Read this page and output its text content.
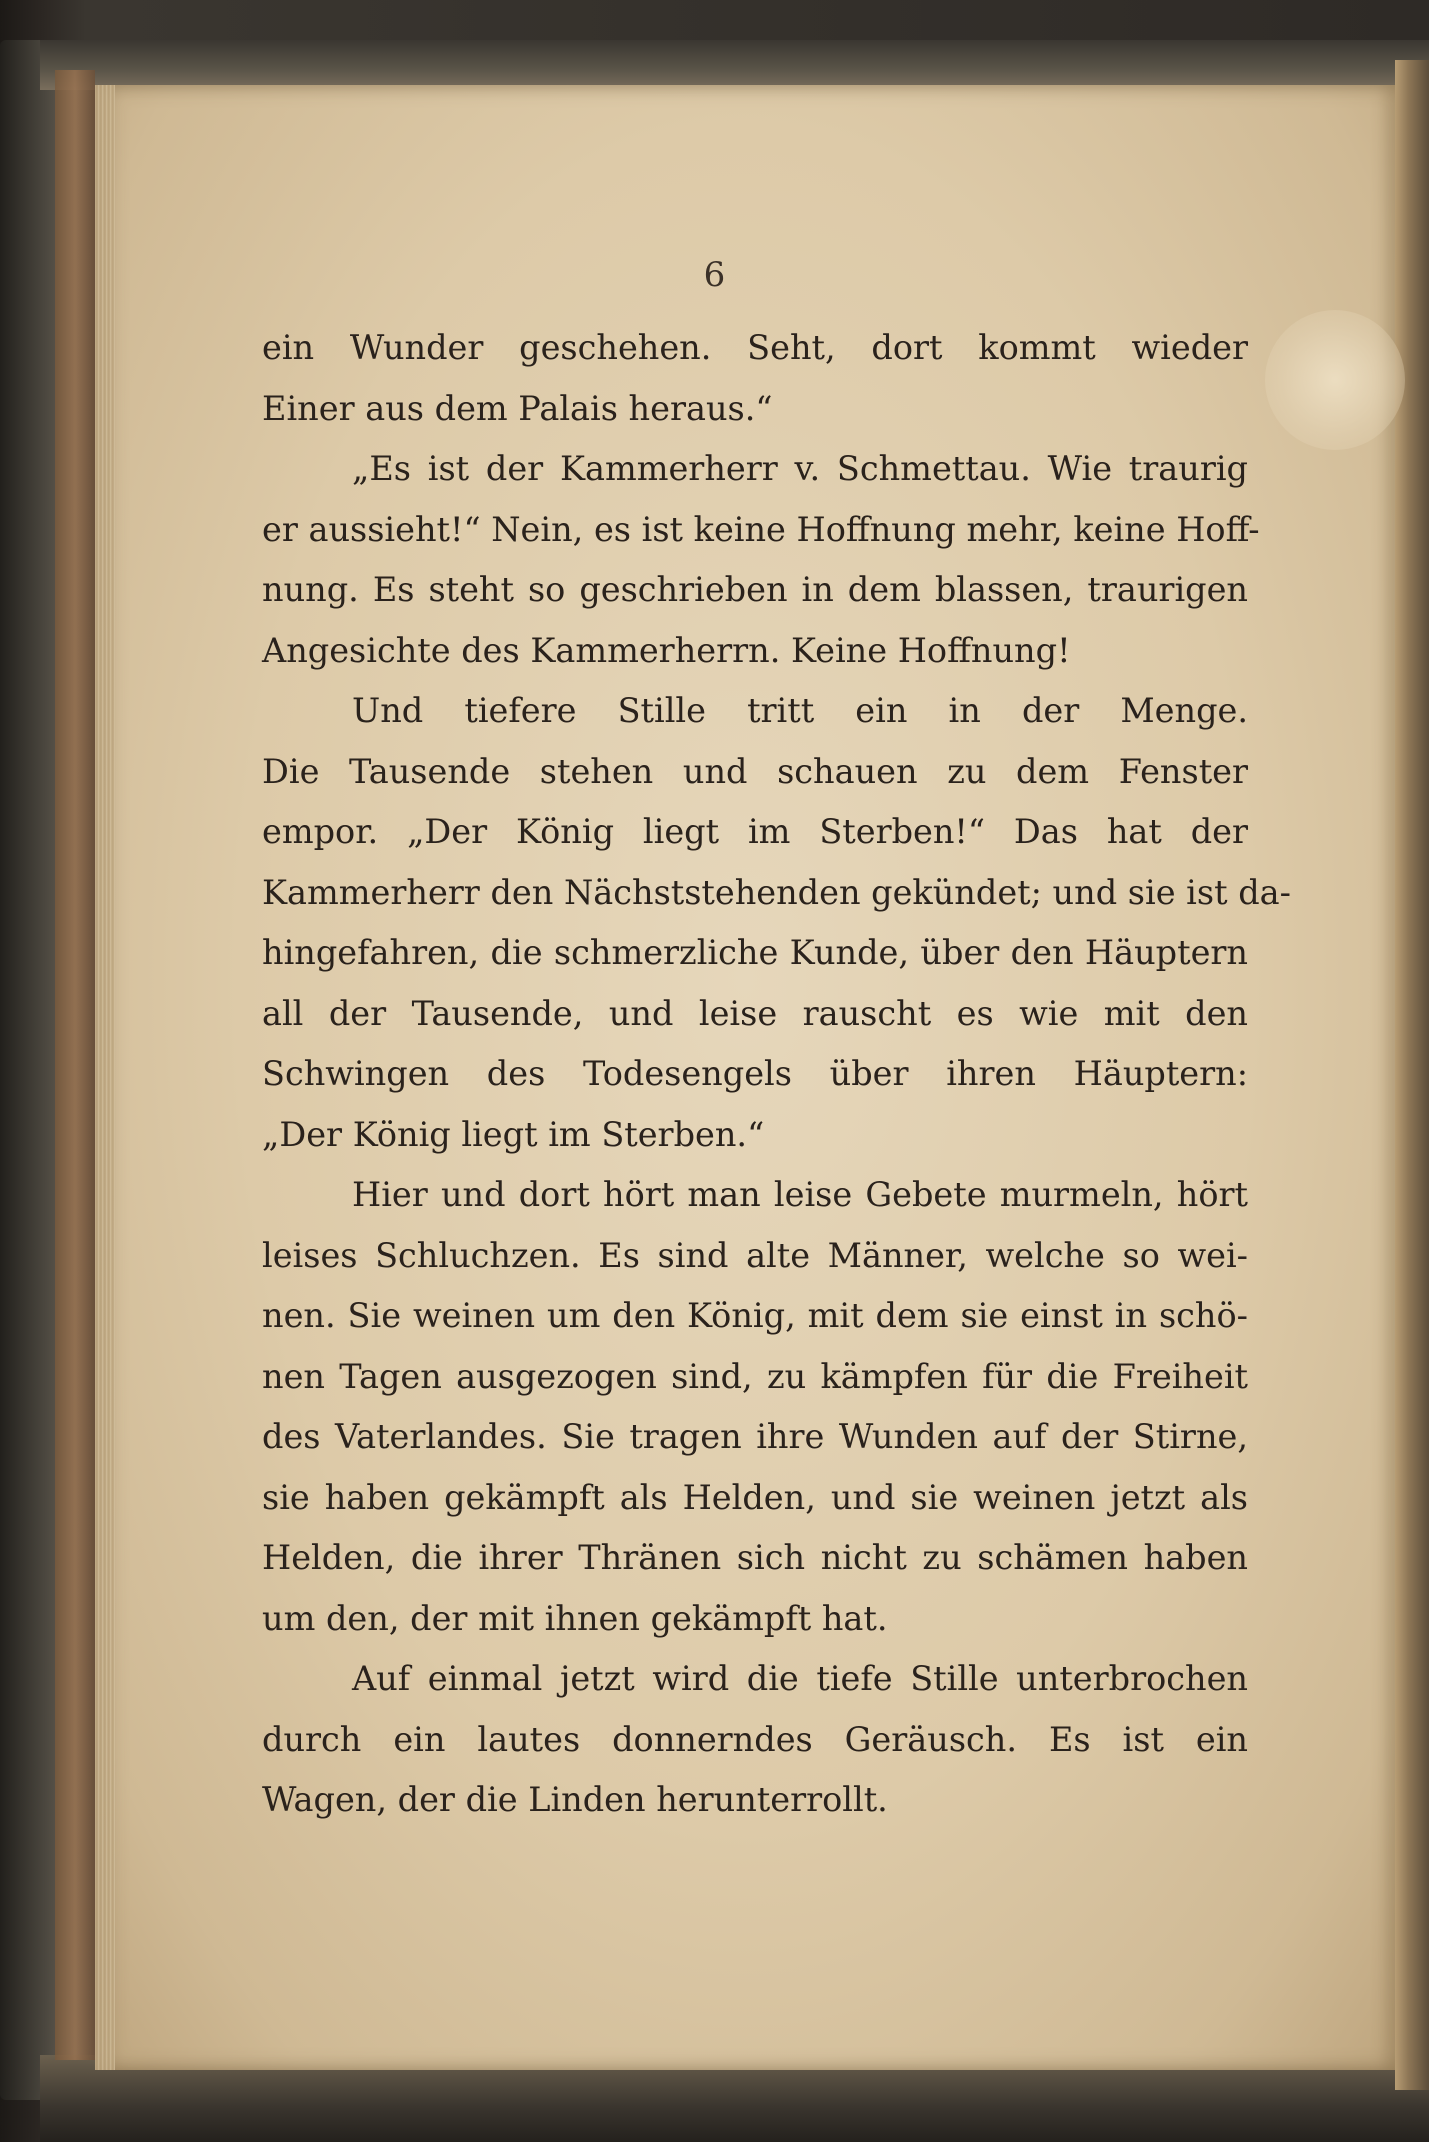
6

ein Wunder geschehen. Seht, dort kommt wieder
Einer aus dem Palais heraus.“

„Es ist der Kammerherr v. Schmettau. Wie traurig
er aussieht!“ Nein, es ist keine Hoffnung mehr, keine Hoff-
nung. Es steht so geschrieben in dem blassen, traurigen
Angesichte des Kammerherrn. Keine Hoffnung!

Und tiefere Stille tritt ein in der Menge.
Die Tausende stehen und schauen zu dem Fenster
empor. „Der König liegt im Sterben!“ Das hat der
Kammerherr den Nächststehenden gekündet; und sie ist da-
hingefahren, die schmerzliche Kunde, über den Häuptern
all der Tausende, und leise rauscht es wie mit den
Schwingen des Todesengels über ihren Häuptern:
„Der König liegt im Sterben.“

Hier und dort hört man leise Gebete murmeln, hört
leises Schluchzen. Es sind alte Männer, welche so wei-
nen. Sie weinen um den König, mit dem sie einst in schö-
nen Tagen ausgezogen sind, zu kämpfen für die Freiheit
des Vaterlandes. Sie tragen ihre Wunden auf der Stirne,
sie haben gekämpft als Helden, und sie weinen jetzt als
Helden, die ihrer Thränen sich nicht zu schämen haben
um den, der mit ihnen gekämpft hat.

Auf einmal jetzt wird die tiefe Stille unterbrochen
durch ein lautes donnerndes Geräusch. Es ist ein
Wagen, der die Linden herunterrollt.
